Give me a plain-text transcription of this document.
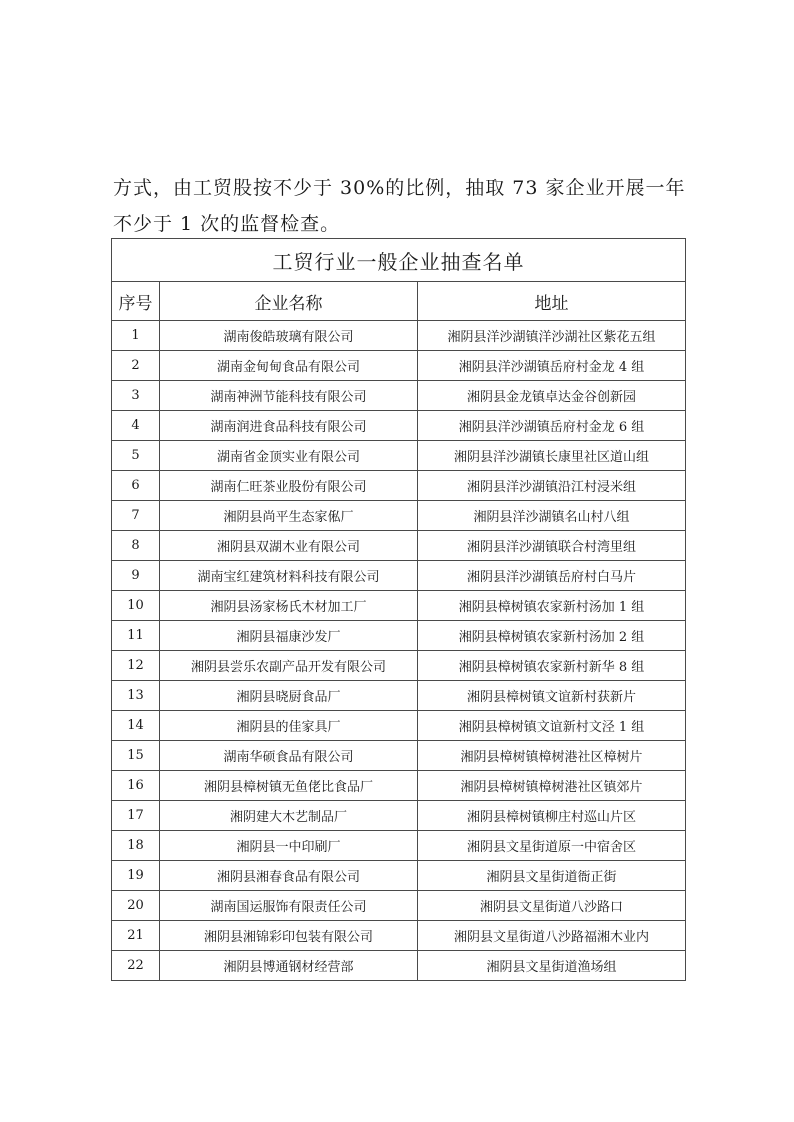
方式，由工贸股按不少于 30%的比例，抽取 73 家企业开展一年

不少于 1 次的监督检查。

工贸行业一般企业抽查名单		
序号	企业名称	地址
1	湖南俊皓玻璃有限公司	湘阴县洋沙湖镇洋沙湖社区紫花五组
2	湖南金甸甸食品有限公司	湘阴县洋沙湖镇岳府村金龙 4 组
3	湖南神洲节能科技有限公司	湘阴县金龙镇卓达金谷创新园
4	湖南润进食品科技有限公司	湘阴县洋沙湖镇岳府村金龙 6 组
5	湖南省金顶实业有限公司	湘阴县洋沙湖镇长康里社区道山组
6	湖南仁旺茶业股份有限公司	湘阴县洋沙湖镇沿江村浸米组
7	湘阴县尚平生态家俬厂	湘阴县洋沙湖镇名山村八组
8	湘阴县双湖木业有限公司	湘阴县洋沙湖镇联合村湾里组
9	湖南宝红建筑材料科技有限公司	湘阴县洋沙湖镇岳府村白马片
10	湘阴县汤家杨氏木材加工厂	湘阴县樟树镇农家新村汤加 1 组
11	湘阴县福康沙发厂	湘阴县樟树镇农家新村汤加 2 组
12	湘阴县尝乐农副产品开发有限公司	湘阴县樟树镇农家新村新华 8 组
13	湘阴县晓厨食品厂	湘阴县樟树镇文谊新村获新片
14	湘阴县的佳家具厂	湘阴县樟树镇文谊新村文泾 1 组
15	湖南华硕食品有限公司	湘阴县樟树镇樟树港社区樟树片
16	湘阴县樟树镇无鱼佬比食品厂	湘阴县樟树镇樟树港社区镇郊片
17	湘阴建大木艺制品厂	湘阴县樟树镇柳庄村巡山片区
18	湘阴县一中印刷厂	湘阴县文星街道原一中宿舍区
19	湘阴县湘春食品有限公司	湘阴县文星街道衙正街
20	湖南国运服饰有限责任公司	湘阴县文星街道八沙路口
21	湘阴县湘锦彩印包装有限公司	湘阴县文星街道八沙路福湘木业内
22	湘阴县博通钢材经营部	湘阴县文星街道渔场组
